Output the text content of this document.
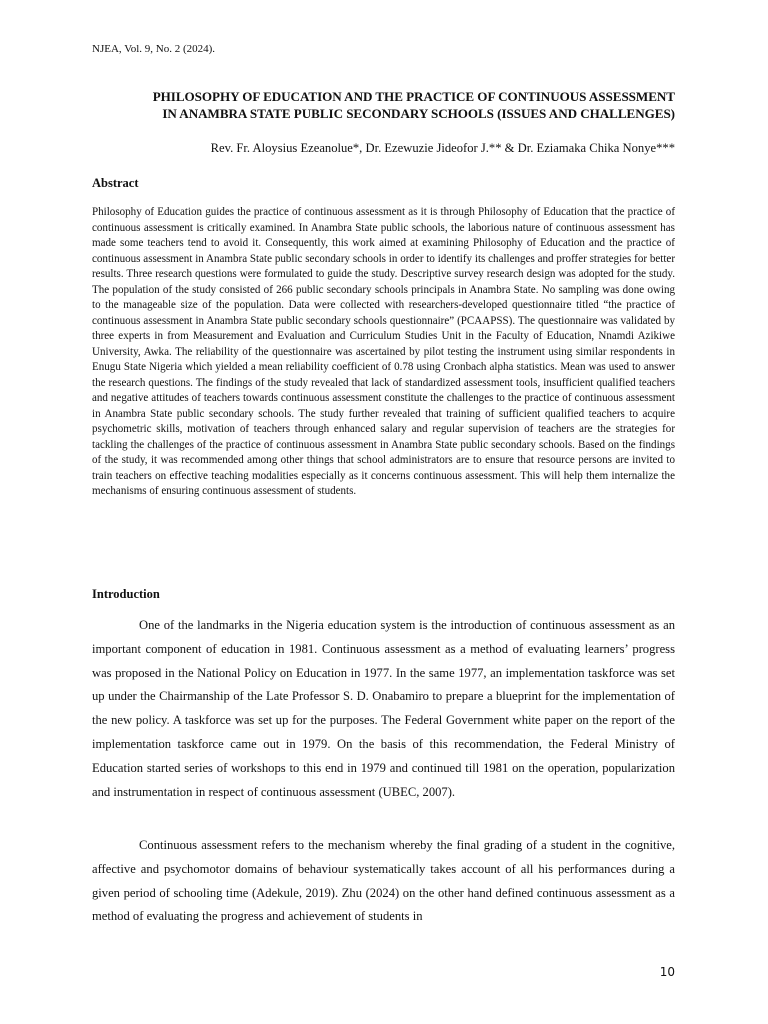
NJEA, Vol. 9, No. 2 (2024).
PHILOSOPHY OF EDUCATION AND THE PRACTICE OF CONTINUOUS ASSESSMENT
IN ANAMBRA STATE PUBLIC SECONDARY SCHOOLS (ISSUES AND CHALLENGES)
Rev. Fr. Aloysius Ezeanolue*, Dr. Ezewuzie Jideofor J.** & Dr. Eziamaka Chika Nonye***
Abstract
Philosophy of Education guides the practice of continuous assessment as it is through Philosophy of Education that the practice of continuous assessment is critically examined. In Anambra State public schools, the laborious nature of continuous assessment has made some teachers tend to avoid it. Consequently, this work aimed at examining Philosophy of Education and the practice of continuous assessment in Anambra State public secondary schools in order to identify its challenges and proffer strategies for better results. Three research questions were formulated to guide the study. Descriptive survey research design was adopted for the study. The population of the study consisted of 266 public secondary schools principals in Anambra State. No sampling was done owing to the manageable size of the population. Data were collected with researchers-developed questionnaire titled “the practice of continuous assessment in Anambra State public secondary schools questionnaire” (PCAAPSS). The questionnaire was validated by three experts in from Measurement and Evaluation and Curriculum Studies Unit in the Faculty of Education, Nnamdi Azikiwe University, Awka. The reliability of the questionnaire was ascertained by pilot testing the instrument using similar respondents in Enugu State Nigeria which yielded a mean reliability coefficient of 0.78 using Cronbach alpha statistics. Mean was used to answer the research questions. The findings of the study revealed that lack of standardized assessment tools, insufficient qualified teachers and negative attitudes of teachers towards continuous assessment constitute the challenges to the practice of continuous assessment in Anambra State public secondary schools. The study further revealed that training of sufficient qualified teachers to acquire psychometric skills, motivation of teachers through enhanced salary and regular supervision of teachers are the strategies for tackling the challenges of the practice of continuous assessment in Anambra State public secondary schools. Based on the findings of the study, it was recommended among other things that school administrators are to ensure that resource persons are invited to train teachers on effective teaching modalities especially as it concerns continuous assessment. This will help them internalize the mechanisms of ensuring continuous assessment of students.
Introduction
One of the landmarks in the Nigeria education system is the introduction of continuous assessment as an important component of education in 1981. Continuous assessment as a method of evaluating learners’ progress was proposed in the National Policy on Education in 1977. In the same 1977, an implementation taskforce was set up under the Chairmanship of the Late Professor S. D. Onabamiro to prepare a blueprint for the implementation of the new policy. A taskforce was set up for the purposes. The Federal Government white paper on the report of the implementation taskforce came out in 1979. On the basis of this recommendation, the Federal Ministry of Education started series of workshops to this end in 1979 and continued till 1981 on the operation, popularization and instrumentation in respect of continuous assessment (UBEC, 2007).
Continuous assessment refers to the mechanism whereby the final grading of a student in the cognitive, affective and psychomotor domains of behaviour systematically takes account of all his performances during a given period of schooling time (Adekule, 2019). Zhu (2024) on the other hand defined continuous assessment as a method of evaluating the progress and achievement of students in
10
